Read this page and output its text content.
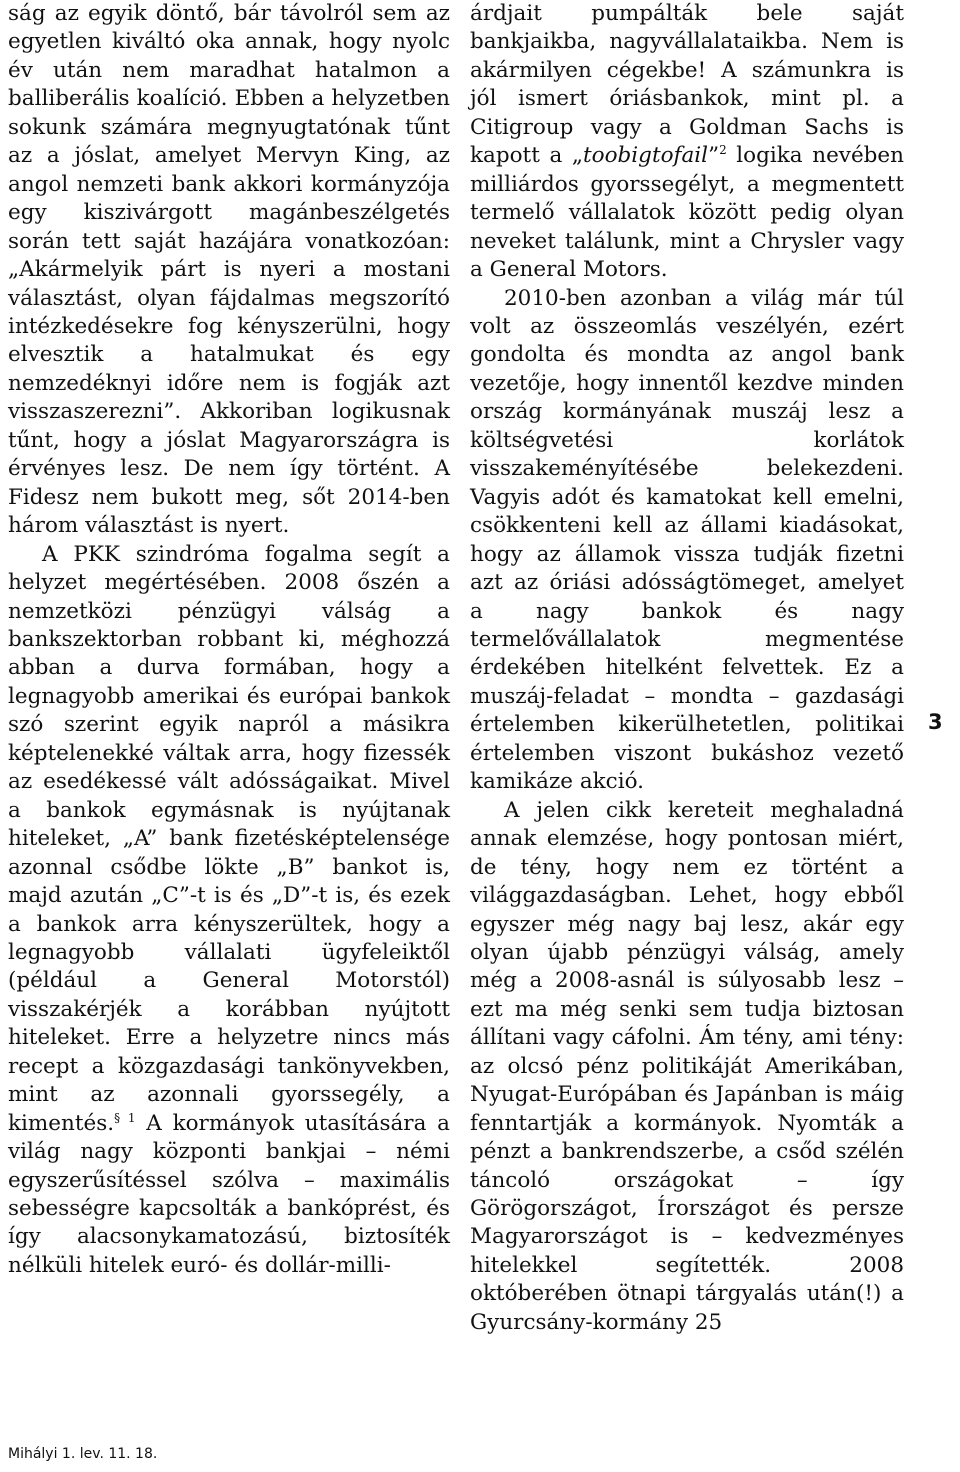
ság az egyik döntő, bár távolról sem az egyetlen kiváltó oka annak, hogy nyolc év után nem maradhat hatalmon a balliberális koalíció. Ebben a helyzetben sokunk számára megnyugtatónak tűnt az a jóslat, amelyet Mervyn King, az angol nemzeti bank akkori kormányzója egy kiszivárgott magánbeszélgetés során tett saját hazájára vonatkozóan: „Akármelyik párt is nyeri a mostani választást, olyan fájdalmas megszorító intézkedésekre fog kényszerülni, hogy elvesztik a hatalmukat és egy nemzedéknyi időre nem is fogják azt visszaszerezni”. Akkoriban logikusnak tűnt, hogy a jóslat Magyarországra is érvényes lesz. De nem így történt. A Fidesz nem bukott meg, sőt 2014-ben három választást is nyert.

A PKK szindróma fogalma segít a helyzet megértésében. 2008 őszén a nemzetközi pénzügyi válság a bankszektorban robbant ki, méghozzá abban a durva formában, hogy a legnagyobb amerikai és európai bankok szó szerint egyik napról a másikra képtelenekké váltak arra, hogy fizessék az esedékessé vált adósságaikat. Mivel a bankok egymásnak is nyújtanak hiteleket, „A” bank fizetésképtelensége azonnal csődbe lökte „B” bankot is, majd azután „C”-t is és „D”-t is, és ezek a bankok arra kényszerültek, hogy a legnagyobb vállalati ügyfeleiktől (például a General Motorstól) visszakérjék a korábban nyújtott hiteleket. Erre a helyzetre nincs más recept a közgazdasági tankönyvekben, mint az azonnali gyorssegély, a kimentés.$^{\S 1}$ A kormányok utasítására a világ nagy központi bankjai – némi egyszerűsítéssel szólva – maximális sebességre kapcsolták a bankóprést, és így alacsonykamatozású, biztosíték nélküli hitelek euró- és dollár-milli-

árdjait pumpálták bele saját bankjaikba, nagyvállalataikba. Nem is akármilyen cégekbe! A számunkra is jól ismert óriásbankok, mint pl. a Citigroup vagy a Goldman Sachs is kapott a „toobigtofail”$^2$ logika nevében milliárdos gyorssegélyt, a megmentett termelő vállalatok között pedig olyan neveket találunk, mint a Chrysler vagy a General Motors.

2010-ben azonban a világ már túl volt az összeomlás veszélyén, ezért gondolta és mondta az angol bank vezetője, hogy innentől kezdve minden ország kormányának muszáj lesz a költségvetési korlátok visszakeményítésébe belekezdeni. Vagyis adót és kamatokat kell emelni, csökkenteni kell az állami kiadásokat, hogy az államok vissza tudják fizetni azt az óriási adósságtömeget, amelyet a nagy bankok és nagy termelővállalatok megmentése érdekében hitelként felvettek. Ez a muszáj-feladat – mondta – gazdasági értelemben kikerülhetetlen, politikai értelemben viszont bukáshoz vezető kamikáze akció.

A jelen cikk kereteit meghaladná annak elemzése, hogy pontosan miért, de tény, hogy nem ez történt a világgazdaságban. Lehet, hogy ebből egyszer még nagy baj lesz, akár egy olyan újabb pénzügyi válság, amely még a 2008-asnál is súlyosabb lesz – ezt ma még senki sem tudja biztosan állítani vagy cáfolni. Ám tény, ami tény: az olcsó pénz politikáját Amerikában, Nyugat-Európában és Japánban is máig fenntartják a kormányok. Nyomták a pénzt a bankrendszerbe, a csőd szélén táncoló országokat – így Görögországot, Írországot és persze Magyarországot is – kedvezményes hitelekkel segítették. 2008 októberében ötnapi tárgyalás után(!) a Gyurcsány-kormány 25

3
Mihályi 1. lev. 11. 18.
